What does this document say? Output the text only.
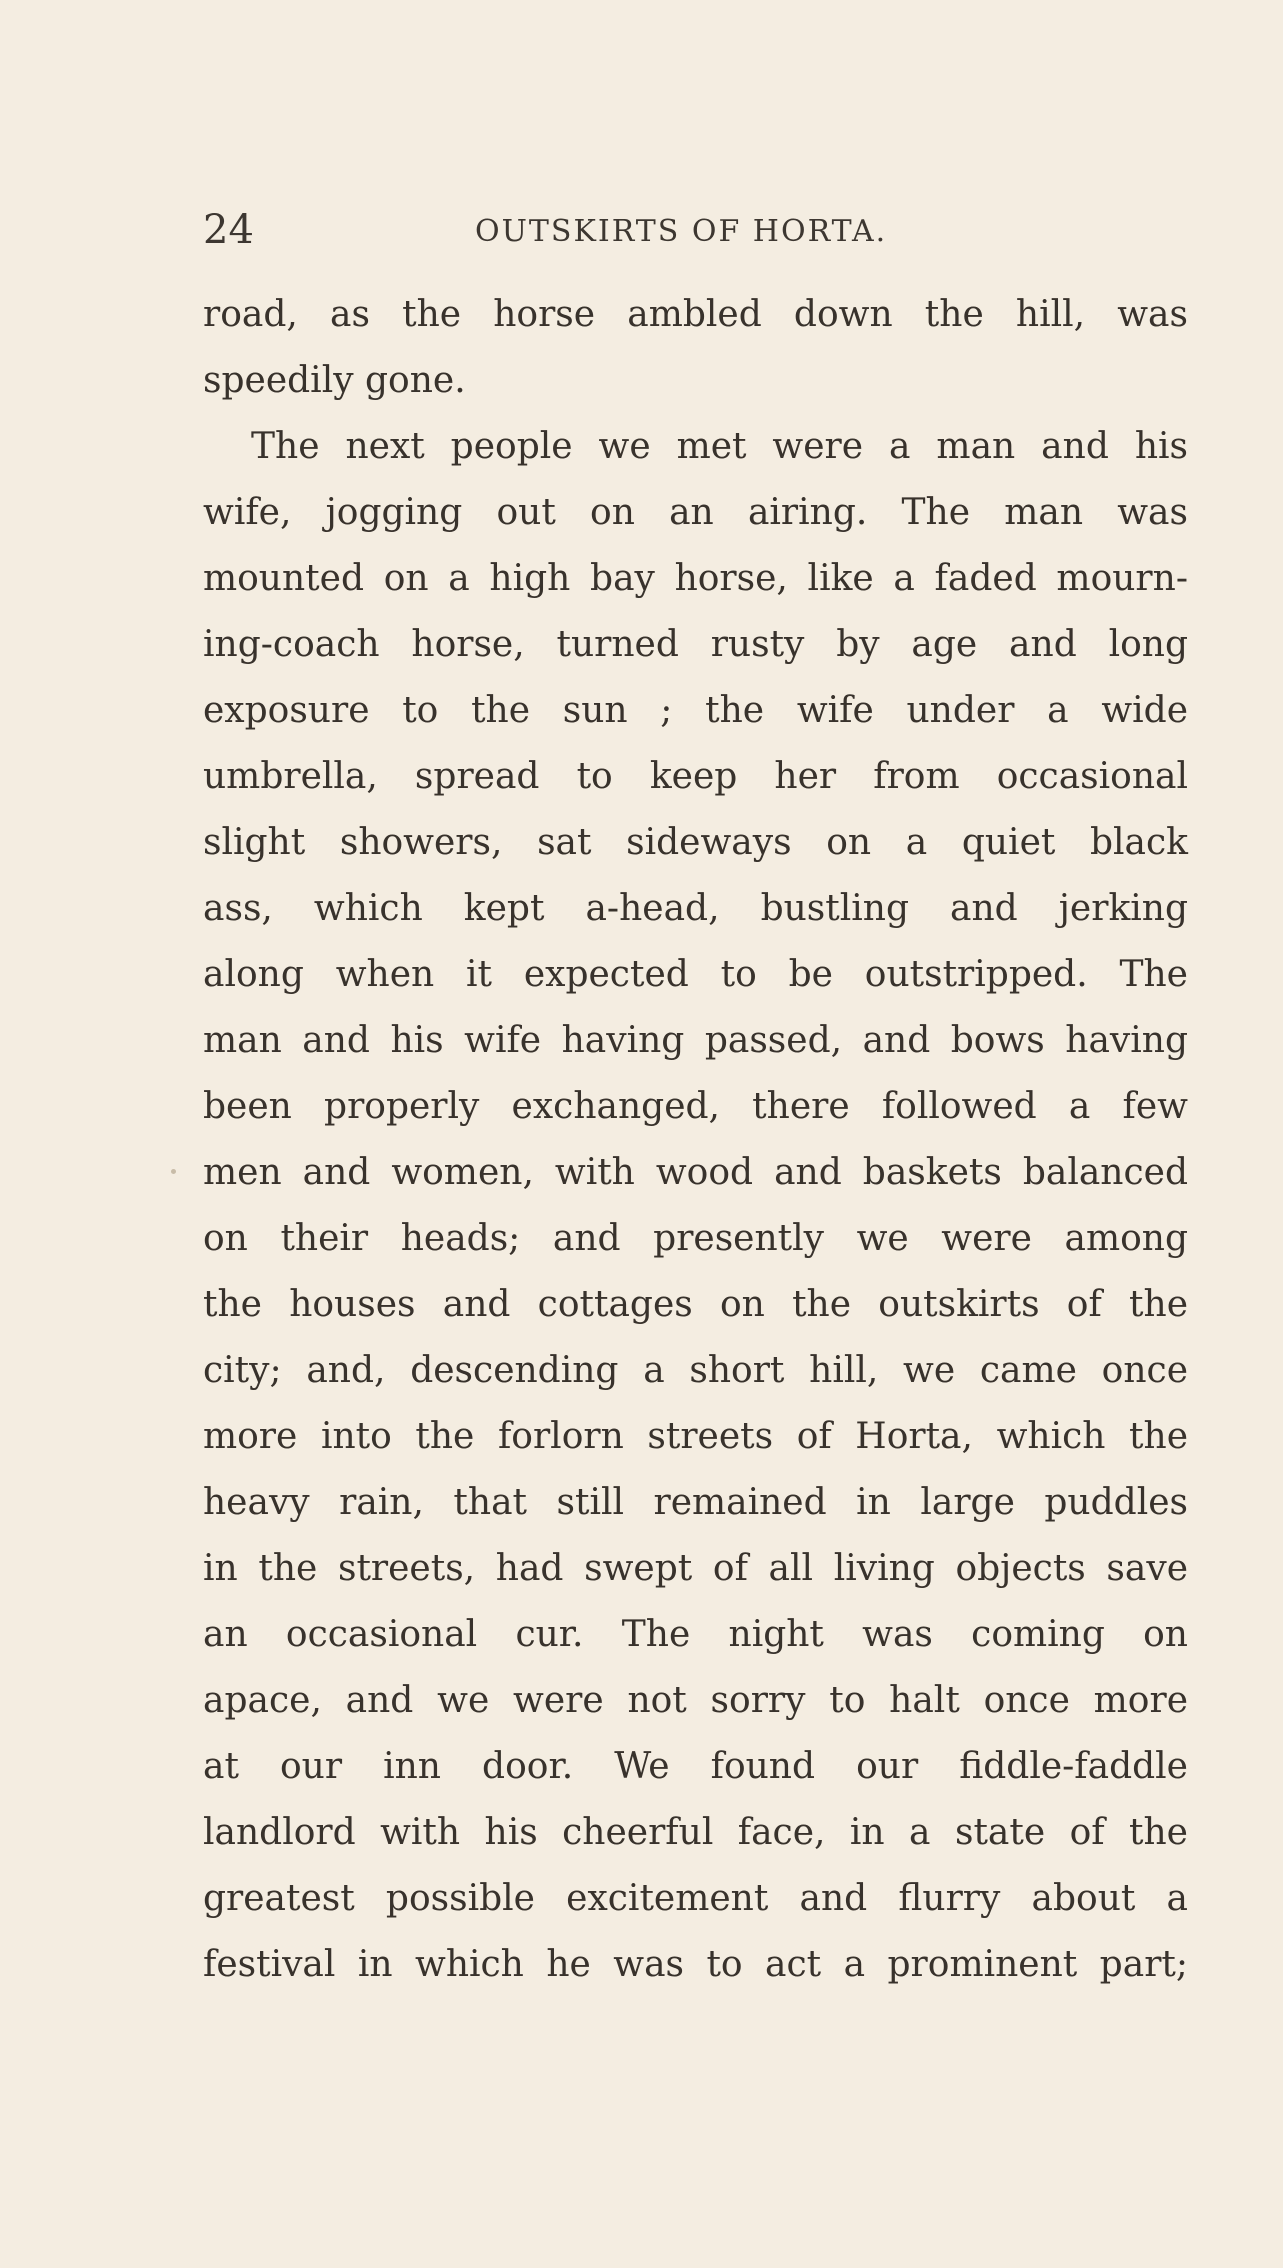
24	OUTSKIRTS OF HORTA.
road, as the horse ambled down the hill, was
speedily gone.
The next people we met were a man and his
wife, jogging out on an airing. The man was
mounted on a high bay horse, like a faded mourn-
ing-coach horse, turned rusty by age and long
exposure to the sun ; the wife under a wide
umbrella, spread to keep her from occasional
slight showers, sat sideways on a quiet black
ass, which kept a-head, bustling and jerking
along when it expected to be outstripped. The
man and his wife having passed, and bows having
been properly exchanged, there followed a few
men and women, with wood and baskets balanced
on their heads; and presently we were among
the houses and cottages on the outskirts of the
city; and, descending a short hill, we came once
more into the forlorn streets of Horta, which the
heavy rain, that still remained in large puddles
in the streets, had swept of all living objects save
an occasional cur. The night was coming on
apace, and we were not sorry to halt once more
at our inn door. We found our fiddle-faddle
landlord with his cheerful face, in a state of the
greatest possible excitement and flurry about a
festival in which he was to act a prominent part;
